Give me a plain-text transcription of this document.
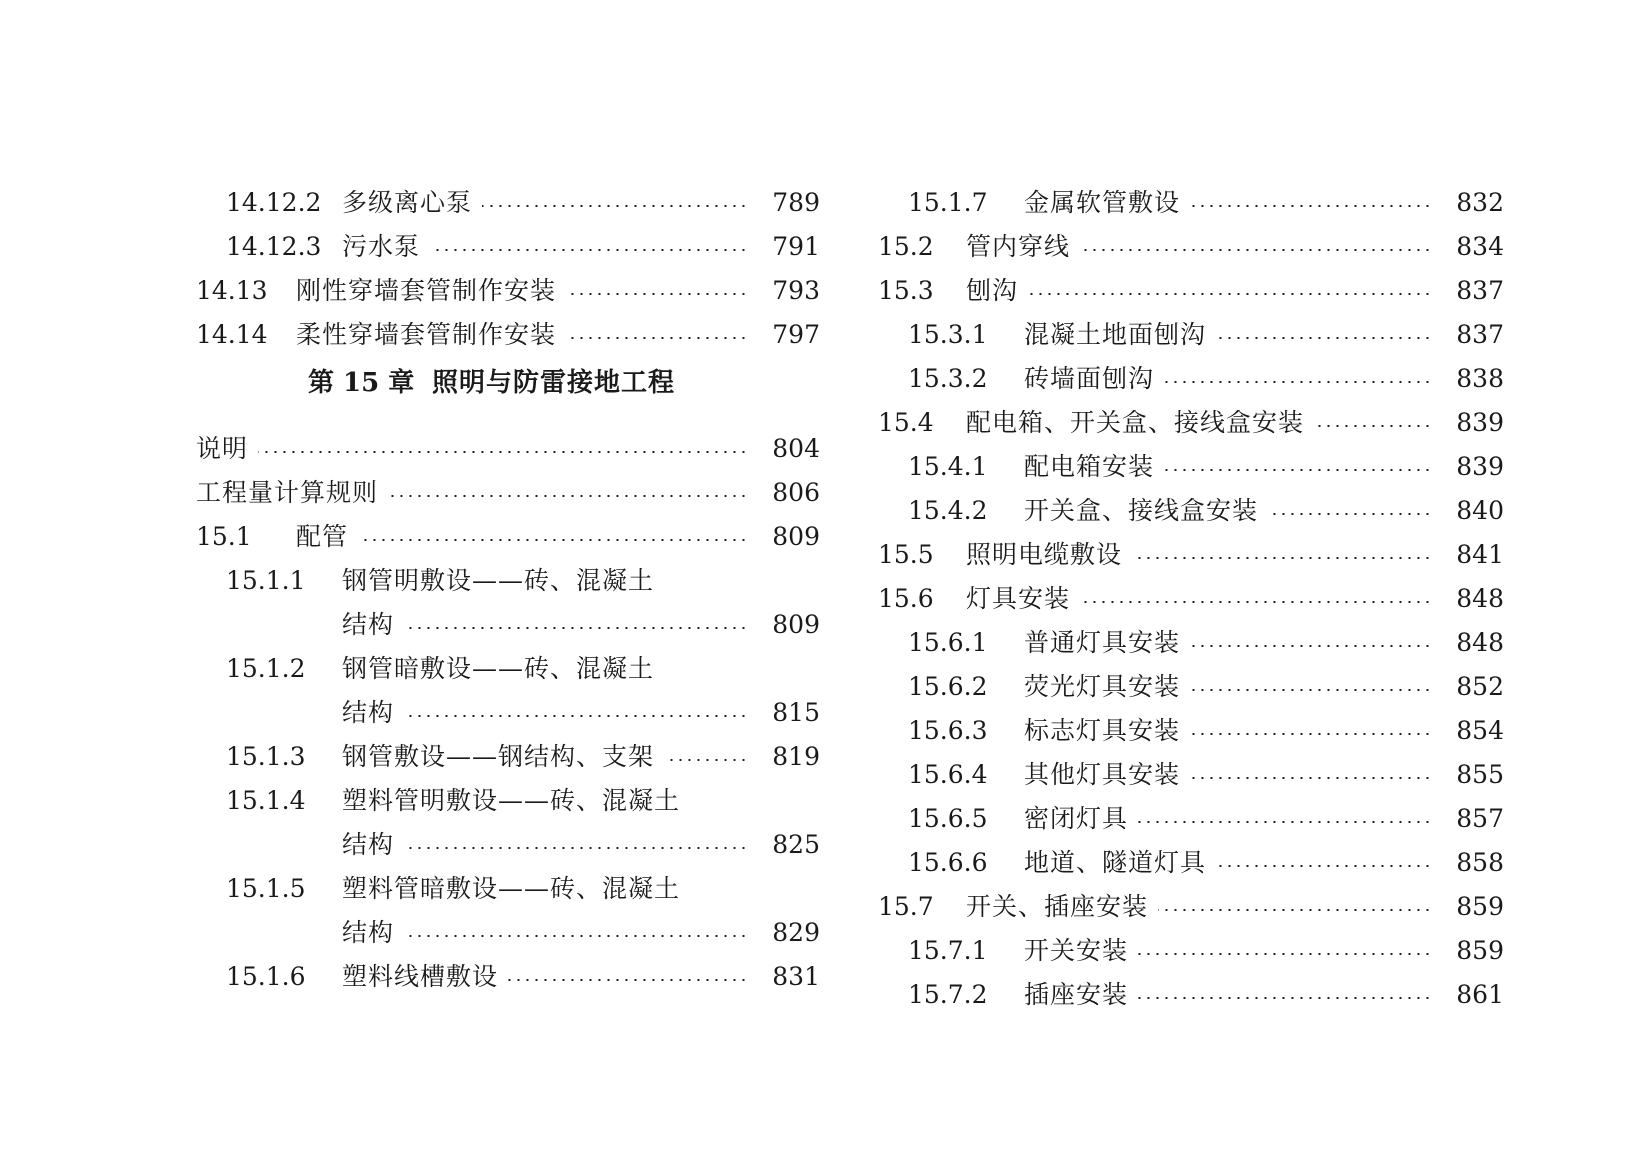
14.12.2 多级离心泵	789
14.12.3 污水泵	791
14.13 刚性穿墙套管制作安装	793
14.14 柔性穿墙套管制作安装	797
第 15 章 照明与防雷接地工程
说明	804
工程量计算规则	806
15.1 配管	809
15.1.1 钢管明敷设——砖、混凝土
结构	809
15.1.2 钢管暗敷设——砖、混凝土
结构	815
15.1.3 钢管敷设——钢结构、支架	819
15.1.4 塑料管明敷设——砖、混凝土
结构	825
15.1.5 塑料管暗敷设——砖、混凝土
结构	829
15.1.6 塑料线槽敷设	831
15.1.7 金属软管敷设	832
15.2 管内穿线	834
15.3 刨沟	837
15.3.1 混凝土地面刨沟	837
15.3.2 砖墙面刨沟	838
15.4 配电箱、开关盒、接线盒安装	839
15.4.1 配电箱安装	839
15.4.2 开关盒、接线盒安装	840
15.5 照明电缆敷设	841
15.6 灯具安装	848
15.6.1 普通灯具安装	848
15.6.2 荧光灯具安装	852
15.6.3 标志灯具安装	854
15.6.4 其他灯具安装	855
15.6.5 密闭灯具	857
15.6.6 地道、隧道灯具	858
15.7 开关、插座安装	859
15.7.1 开关安装	859
15.7.2 插座安装	861
